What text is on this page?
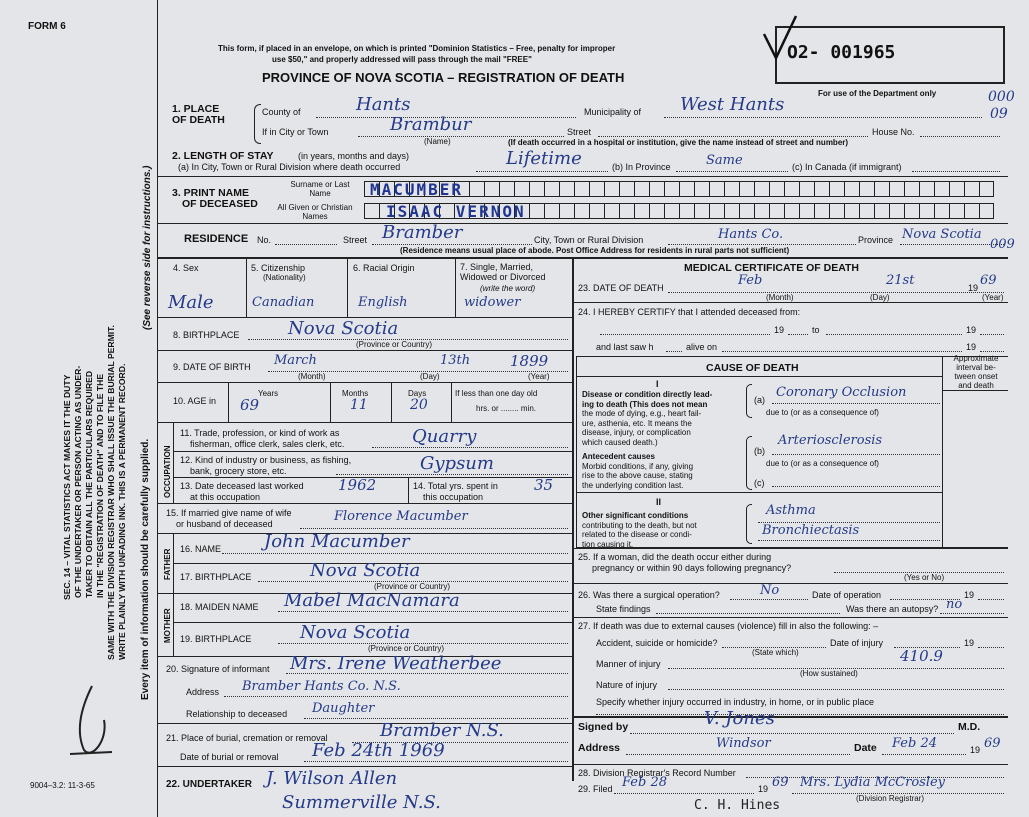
FORM 6
SEC. 14 – VITAL STATISTICS ACT MAKES IT THE DUTY OF THE UNDERTAKER OR PERSON ACTING AS UNDER- TAKER TO OBTAIN ALL THE PARTICULARS REQUIRED IN THE "REGISTRATION OF DEATH" AND TO FILE THE SAME WITH THE DIVISION REGISTRAR WHO SHALL ISSUE THE BURIAL PERMIT. WRITE PLAINLY WITH UNFADING INK. THIS IS A PERMANENT RECORD.
(See reverse side for instructions.)
Every item of information should be carefully supplied.
9004–3.2: 11-3-65
This form, if placed in an envelope, on which is printed "Dominion Statistics – Free, penalty for improper
use $50," and properly addressed will pass through the mail "FREE"
PROVINCE OF NOVA SCOTIA – REGISTRATION OF DEATH
O2- 001965
For use of the Department only	000
09
1. PLACE OF DEATH
County of	Hants	Municipality of West Hants
If in City or Town	Brambur
(Name)
Street	House No.
(If death occurred in a hospital or institution, give the name instead of street and number)
2. LENGTH OF STAY	(in years, months and days)
(a) In City, Town or Rural Division where death occurred	Lifetime	(b) In Province	Same	(c) In Canada (if immigrant)
3. PRINT NAME
OF DECEASED
Surname or Last Name
All Given or Christian Names
MACUMBER
ISAAC VERNON
RESIDENCE No.	Street Bramber	City, Town or Rural Division	Hants Co.	Province Nova Scotia
009
(Residence means usual place of abode. Post Office Address for residents in rural parts not sufficient)
4. Sex	5. Citizenship
(Nationality)
6. Racial Origin	7. Single, Married, Widowed or Divorced
(write the word)
Male	Canadian	English	widower
8. BIRTHPLACE	Nova Scotia
(Province or Country)
9. DATE OF BIRTH March	13th	1899
(Month)	(Day)	(Year)
10. AGE in
Years	Months	Days
69	11	20
If less than one day old
hrs. or ........ min.
OCCUPATION
11. Trade, profession, or kind of work as
fisherman, office clerk, sales clerk, etc.	Quarry
12. Kind of industry or business, as fishing,
bank, grocery store, etc.	Gypsum
13. Date deceased last worked
at this occupation
1962	14. Total yrs. spent in
this occupation
35
15. If married give name of wife
or husband of deceased	Florence Macumber
FATHER 16. NAME John Macumber
17. BIRTHPLACE	Nova Scotia
(Province or Country)
MOTHER
18. MAIDEN NAME Mabel MacNamara
19. BIRTHPLACE	Nova Scotia
(Province or Country)
20. Signature of informant Mrs. Irene Weatherbee
Address Bramber Hants Co. N.S.
Relationship to deceased Daughter
21. Place of burial, cremation or removal	Bramber N.S.
Date of burial or removal Feb 24th 1969
22. UNDERTAKER J. Wilson Allen
Summerville N.S.
MEDICAL CERTIFICATE OF DEATH
23. DATE OF DEATH	Feb	21st	19 69
(Month)	(Day)	(Year)
24. I HEREBY CERTIFY that I attended deceased from:
19	to	19
and last saw h	alive on	19
CAUSE OF DEATH
Approximate
interval be-
tween onset
and death
I
Disease or condition directly lead-
ing to death (This does not mean
the mode of dying, e.g., heart fail-
ure, asthenia, etc. It means the
disease, injury, or complication
which caused death.)
(a) Coronary Occlusion
due to (or as a consequence of)
Antecedent causes
Morbid conditions, if any, giving
rise to the above cause, stating
the underlying condition last.
(b)
Arteriosclerosis
due to (or as a consequence of)
(c)
II
Other significant conditions
contributing to the death, but not
related to the disease or condi-
tion causing it.
Asthma
Bronchiectasis
25. If a woman, did the death occur either during
pregnancy or within 90 days following pregnancy?
(Yes or No)
26. Was there a surgical operation?	No	Date of operation	19
State findings	Was there an autopsy? no
27. If death was due to external causes (violence) fill in also the following: –
Accident, suicide or homicide?	Date of injury	19
(State which)	410.9
Manner of injury
(How sustained)
Nature of injury
Specify whether injury occurred in industry, in home, or in public place
Signed by	V. Jones	M.D.
Address	Windsor	Date Feb 24	19 69
28. Division Registrar's Record Number
29. Filed Feb 28	19 69 Mrs. Lydia McCrosley
(Division Registrar)
C. H. Hines
